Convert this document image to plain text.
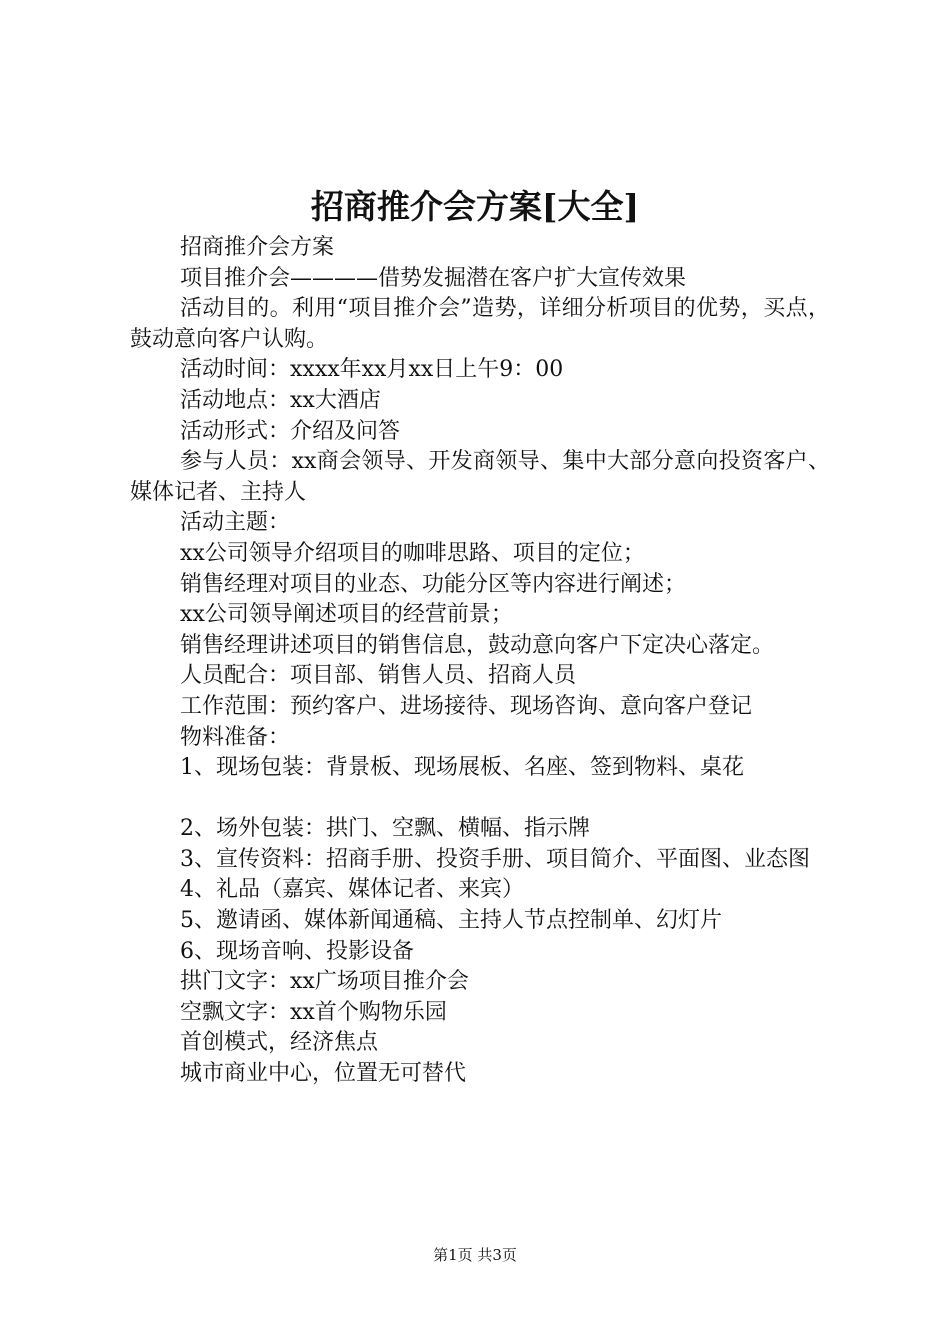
招商推介会方案[大全]

招商推介会方案

项目推介会————借势发掘潜在客户扩大宣传效果

活动目的。利用“项目推介会”造势，详细分析项目的优势，买点，鼓动意向客户认购。

活动时间：xxxx年xx月xx日上午9：00

活动地点：xx大酒店

活动形式：介绍及问答

参与人员：xx商会领导、开发商领导、集中大部分意向投资客户、媒体记者、主持人

活动主题：

xx公司领导介绍项目的咖啡思路、项目的定位；

销售经理对项目的业态、功能分区等内容进行阐述；

xx公司领导阐述项目的经营前景；

销售经理讲述项目的销售信息，鼓动意向客户下定决心落定。

人员配合：项目部、销售人员、招商人员

工作范围：预约客户、进场接待、现场咨询、意向客户登记

物料准备：

1、现场包装：背景板、现场展板、名座、签到物料、桌花

2、场外包装：拱门、空飘、横幅、指示牌

3、宣传资料：招商手册、投资手册、项目简介、平面图、业态图

4、礼品（嘉宾、媒体记者、来宾）

5、邀请函、媒体新闻通稿、主持人节点控制单、幻灯片

6、现场音响、投影设备

拱门文字：xx广场项目推介会

空飘文字：xx首个购物乐园

首创模式，经济焦点

城市商业中心，位置无可替代

第1页 共3页
